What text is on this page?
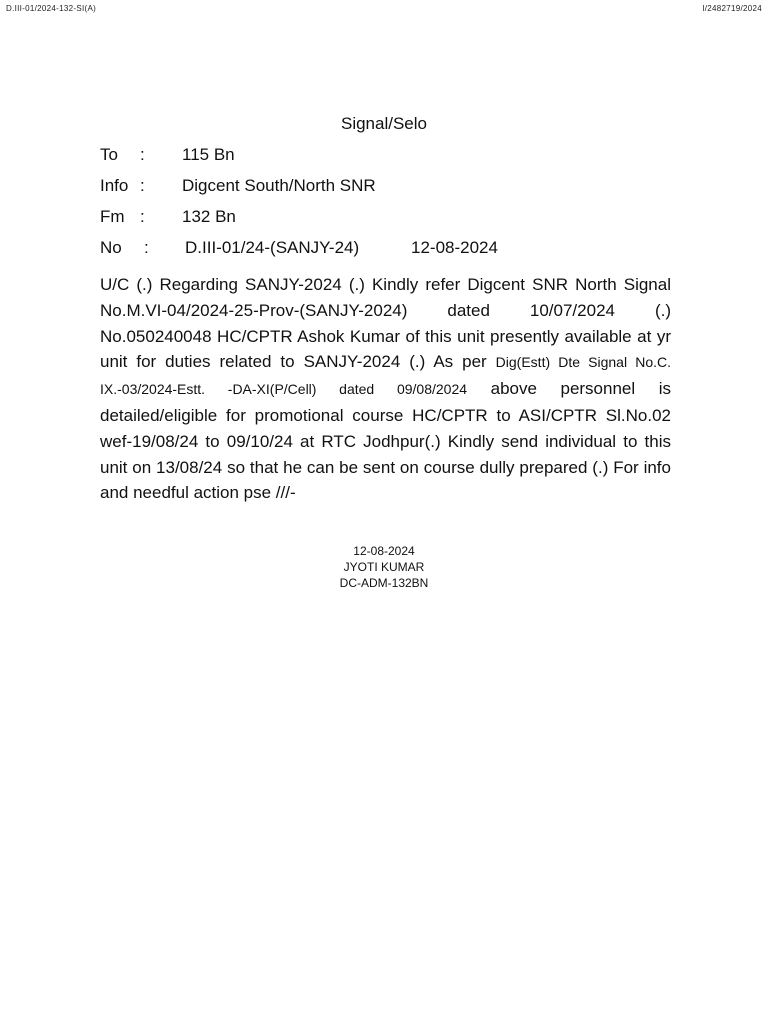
D.III-01/2024-132-SI(A)	I/2482719/2024
Signal/Selo
To : 115 Bn
Info : Digcent South/North SNR
Fm : 132 Bn
No : D.III-01/24-(SANJY-24)	12-08-2024
U/C (.) Regarding SANJY-2024 (.) Kindly refer Digcent SNR North Signal No.M.VI-04/2024-25-Prov-(SANJY-2024) dated 10/07/2024 (.) No.050240048 HC/CPTR Ashok Kumar of this unit presently available at yr unit for duties related to SANJY-2024 (.) As per Dig(Estt) Dte Signal No.C. IX.-03/2024-Estt. -DA-XI(P/Cell) dated 09/08/2024 above personnel is detailed/eligible for promotional course HC/CPTR to ASI/CPTR Sl.No.02 wef-19/08/24 to 09/10/24 at RTC Jodhpur(.) Kindly send individual to this unit on 13/08/24 so that he can be sent on course dully prepared (.) For info and needful action pse ///-
12-08-2024
JYOTI KUMAR
DC-ADM-132BN
